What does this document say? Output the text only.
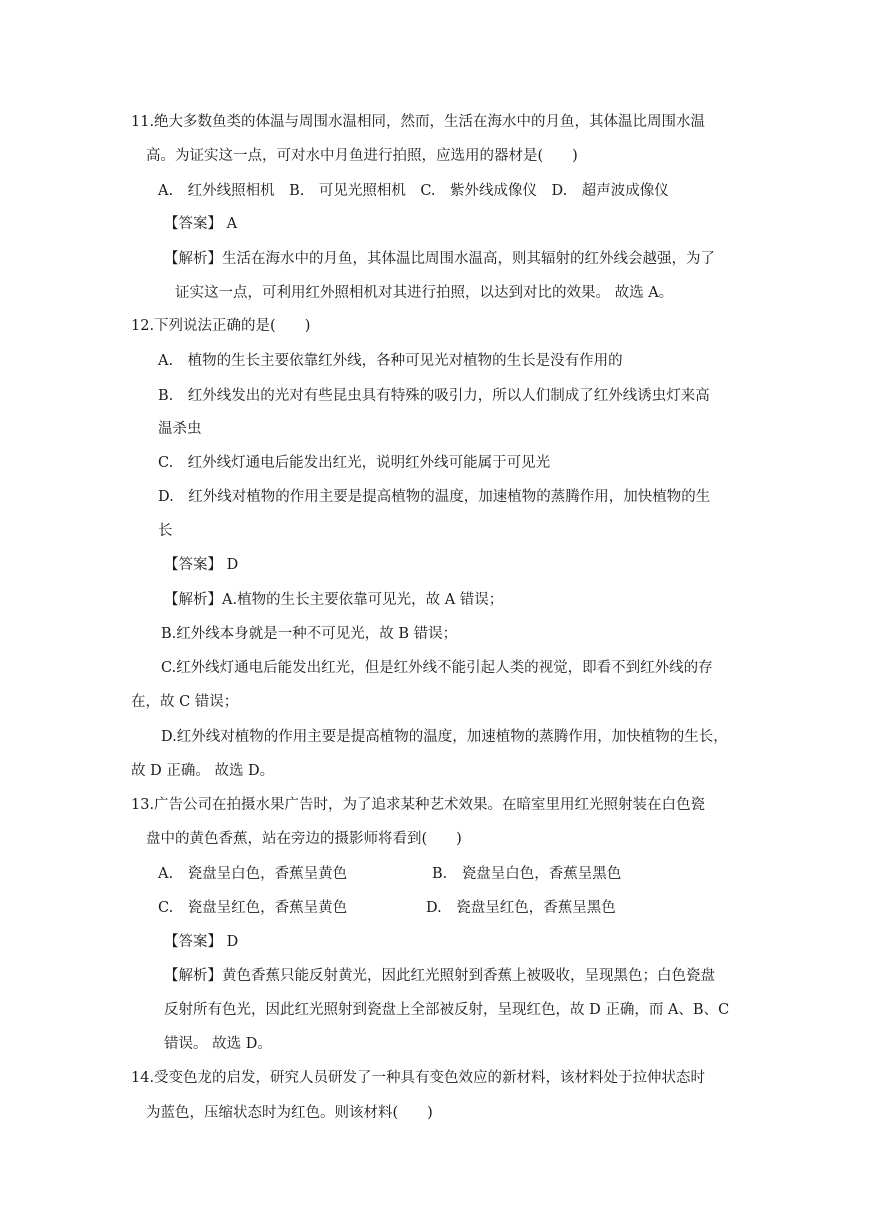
11.绝大多数鱼类的体温与周围水温相同，然而，生活在海水中的月鱼，其体温比周围水温
高。为证实这一点，可对水中月鱼进行拍照，应选用的器材是(　　)
A.　红外线照相机　B.　可见光照相机　C.　紫外线成像仪　D.　超声波成像仪
【答案】 A
【解析】生活在海水中的月鱼，其体温比周围水温高，则其辐射的红外线会越强，为了
证实这一点，可利用红外照相机对其进行拍照，以达到对比的效果。 故选 A。
12.下列说法正确的是(　　)
A.　植物的生长主要依靠红外线，各种可见光对植物的生长是没有作用的
B.　红外线发出的光对有些昆虫具有特殊的吸引力，所以人们制成了红外线诱虫灯来高
温杀虫
C.　红外线灯通电后能发出红光，说明红外线可能属于可见光
D.　红外线对植物的作用主要是提高植物的温度，加速植物的蒸腾作用，加快植物的生
长
【答案】 D
【解析】A.植物的生长主要依靠可见光，故 A 错误；
B.红外线本身就是一种不可见光，故 B 错误；
C.红外线灯通电后能发出红光，但是红外线不能引起人类的视觉，即看不到红外线的存
在，故 C 错误；
D.红外线对植物的作用主要是提高植物的温度，加速植物的蒸腾作用，加快植物的生长，
故 D 正确。 故选 D。
13.广告公司在拍摄水果广告时，为了追求某种艺术效果。在暗室里用红光照射装在白色瓷
盘中的黄色香蕉，站在旁边的摄影师将看到(　　)
A.　瓷盘呈白色，香蕉呈黄色	B.　瓷盘呈白色，香蕉呈黑色
C.　瓷盘呈红色，香蕉呈黄色	D.　瓷盘呈红色，香蕉呈黑色
【答案】 D
【解析】黄色香蕉只能反射黄光，因此红光照射到香蕉上被吸收，呈现黑色；白色瓷盘
反射所有色光，因此红光照射到瓷盘上全部被反射，呈现红色，故 D 正确，而 A、B、C
错误。 故选 D。
14.受变色龙的启发，研究人员研发了一种具有变色效应的新材料，该材料处于拉伸状态时
为蓝色，压缩状态时为红色。则该材料(　　)
